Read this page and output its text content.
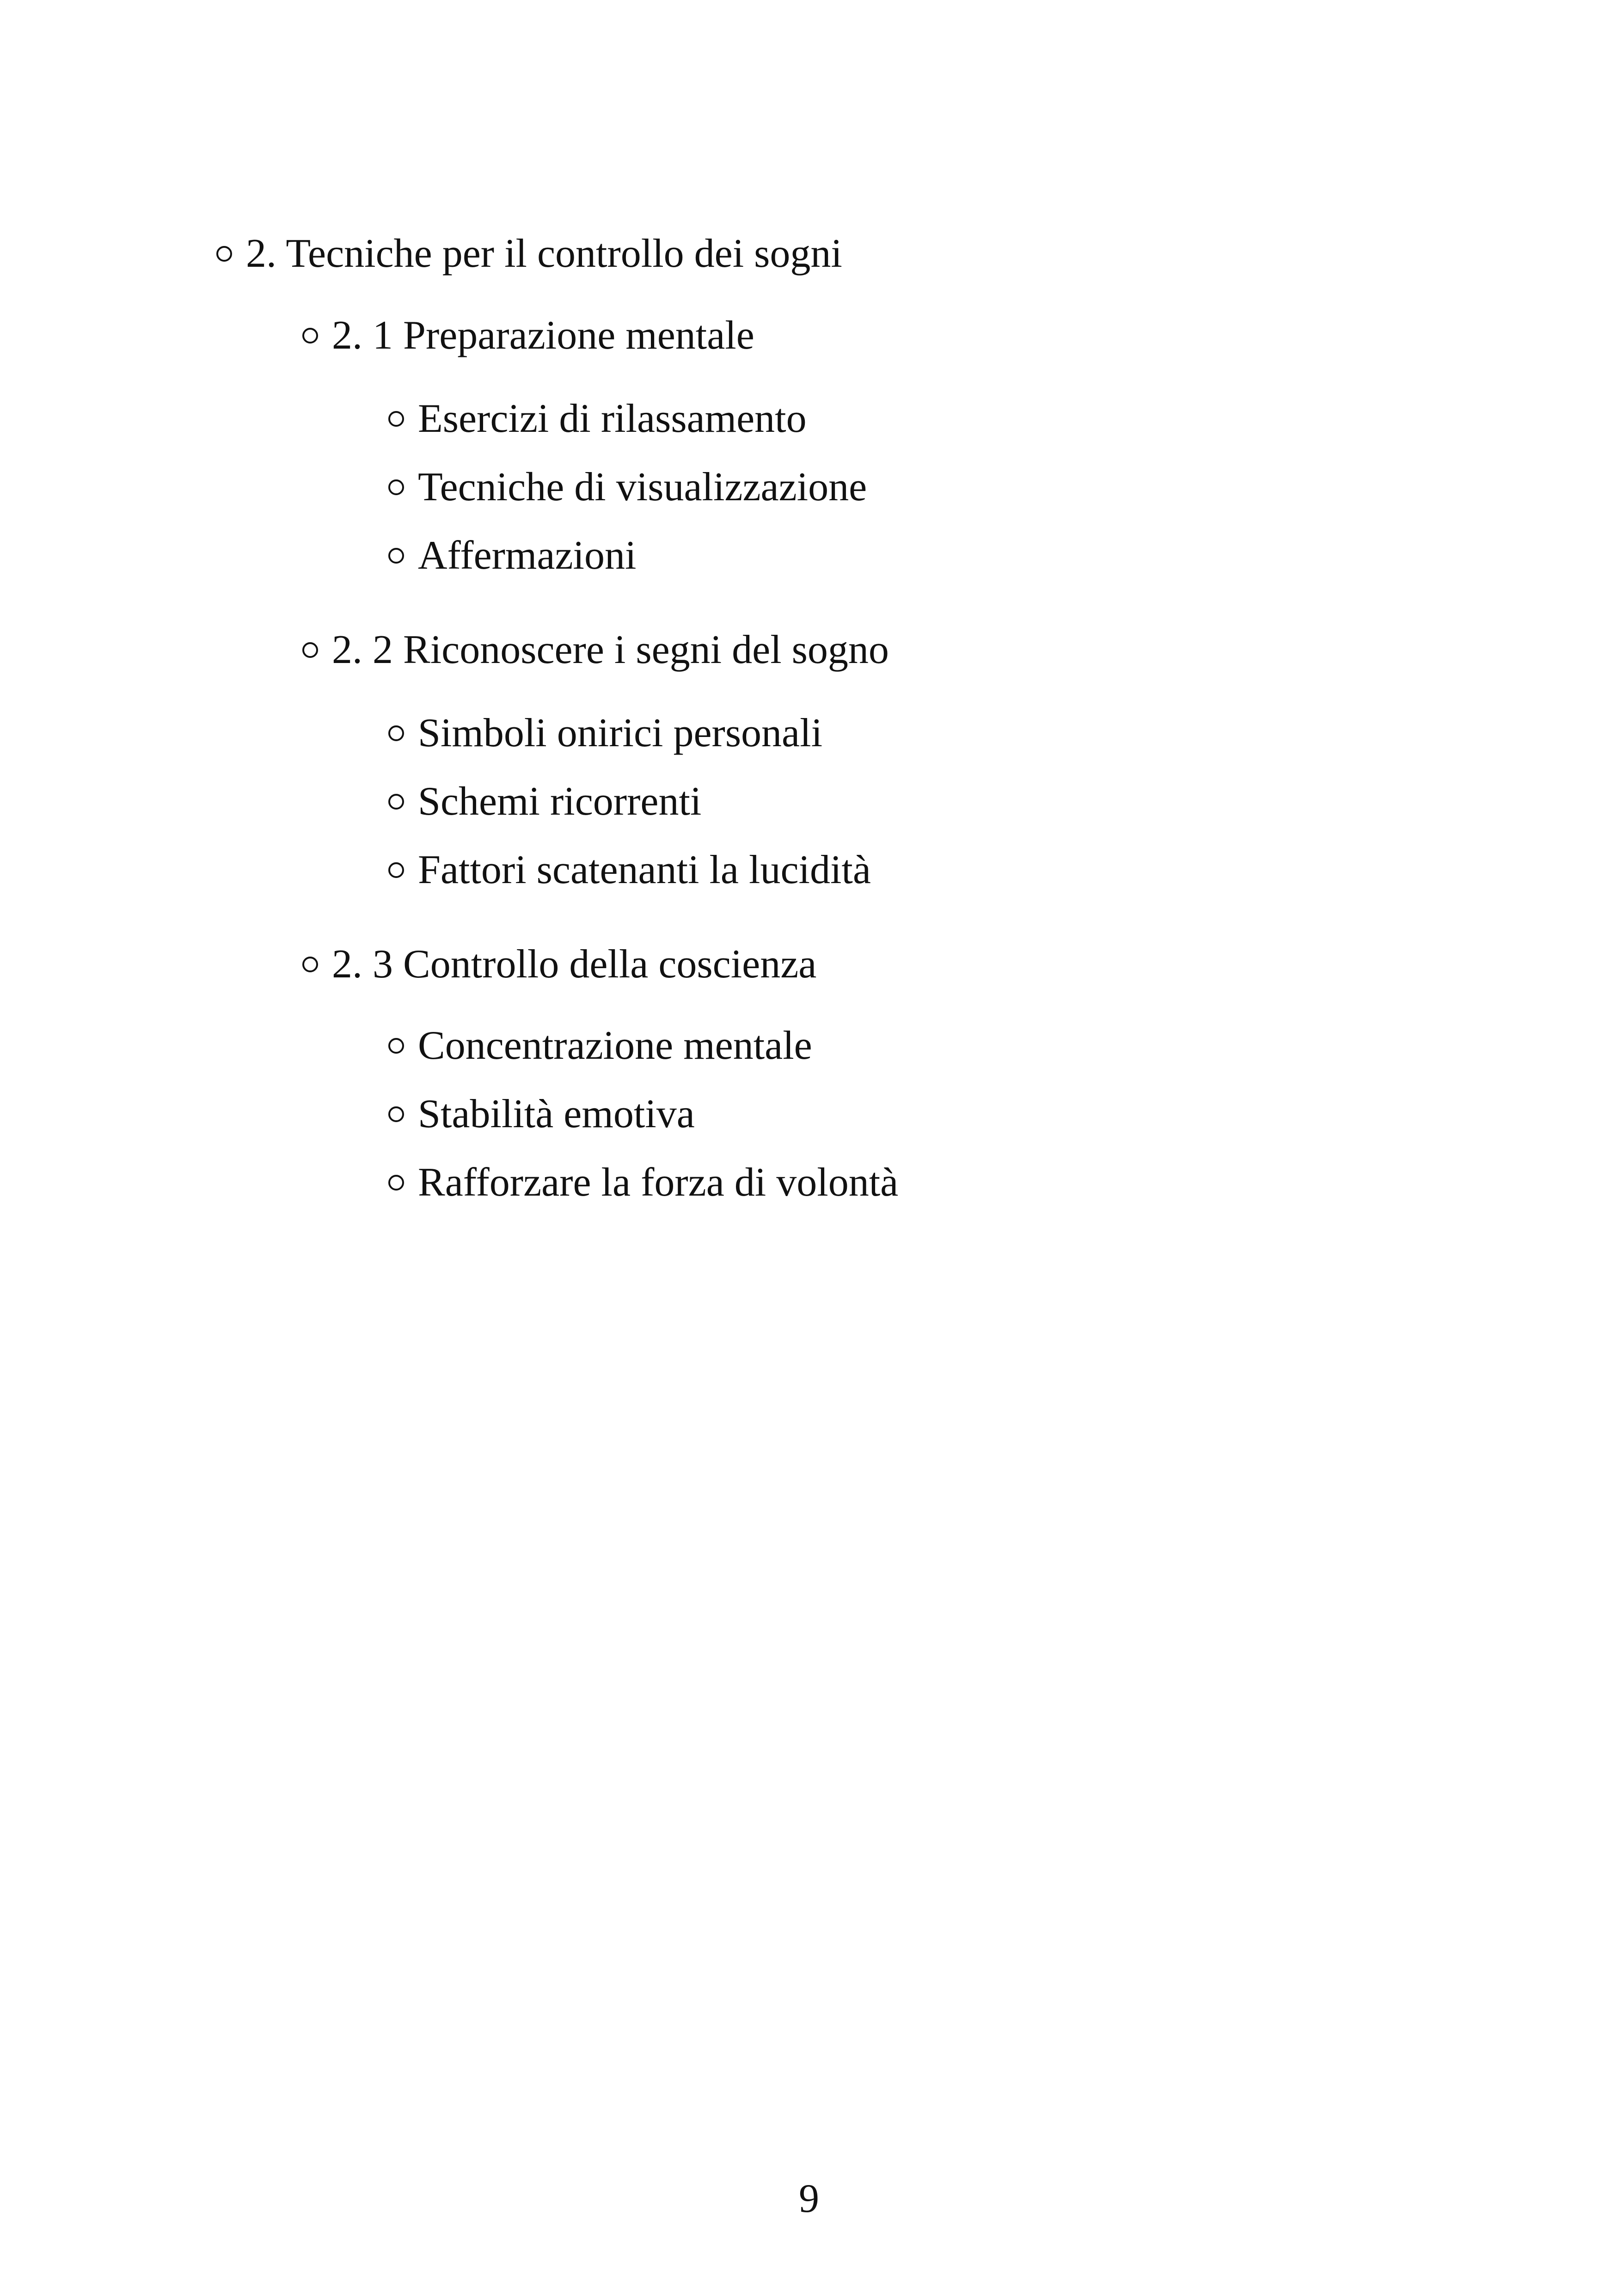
2. Tecniche per il controllo dei sogni
2. 1 Preparazione mentale
Esercizi di rilassamento
Tecniche di visualizzazione
Affermazioni
2. 2 Riconoscere i segni del sogno
Simboli onirici personali
Schemi ricorrenti
Fattori scatenanti la lucidità
2. 3 Controllo della coscienza
Concentrazione mentale
Stabilità emotiva
Rafforzare la forza di volontà
9
